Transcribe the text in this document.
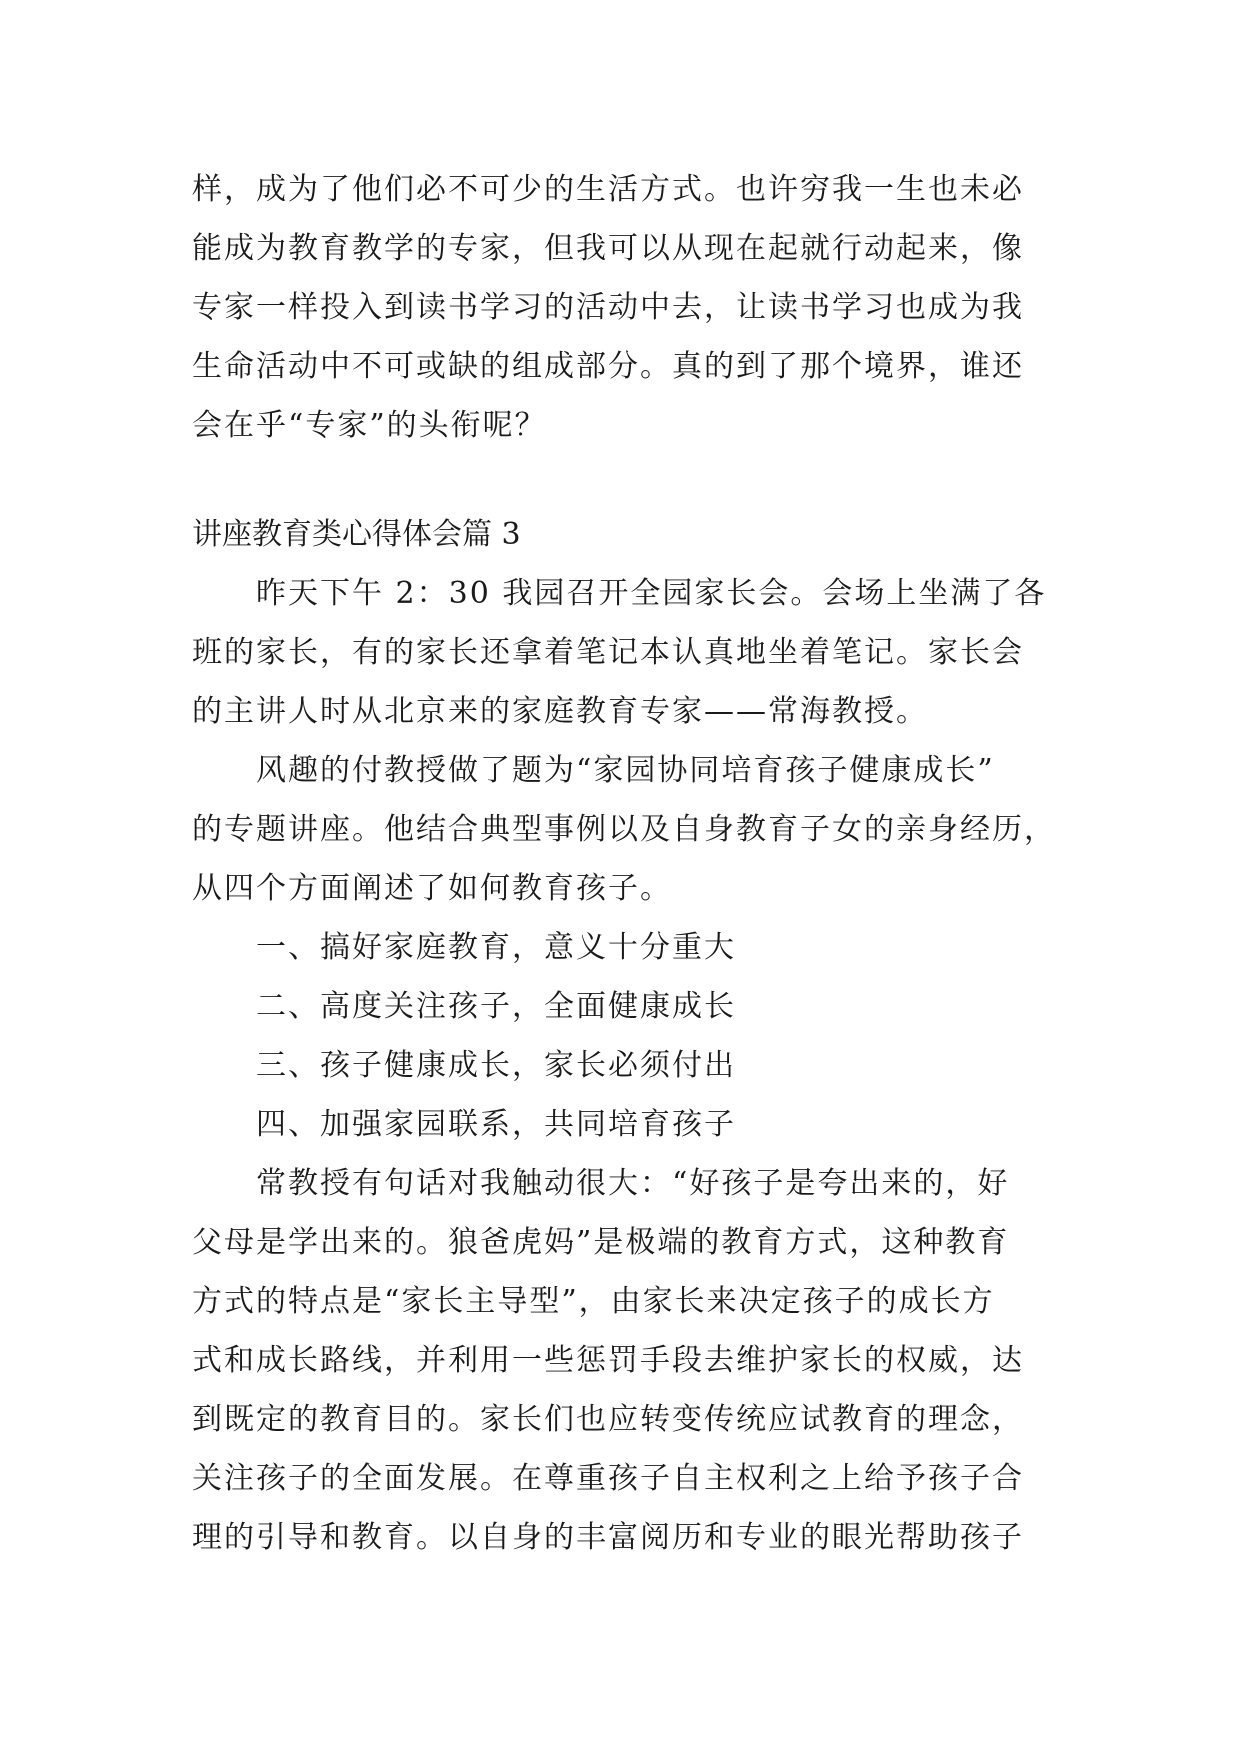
样，成为了他们必不可少的生活方式。也许穷我一生也未必
能成为教育教学的专家，但我可以从现在起就行动起来，像
专家一样投入到读书学习的活动中去，让读书学习也成为我
生命活动中不可或缺的组成部分。真的到了那个境界，谁还
会在乎“专家”的头衔呢？
讲座教育类心得体会篇 3
昨天下午 2：30 我园召开全园家长会。会场上坐满了各
班的家长，有的家长还拿着笔记本认真地坐着笔记。家长会
的主讲人时从北京来的家庭教育专家——常海教授。
风趣的付教授做了题为“家园协同培育孩子健康成长”
的专题讲座。他结合典型事例以及自身教育子女的亲身经历，
从四个方面阐述了如何教育孩子。
一、搞好家庭教育，意义十分重大
二、高度关注孩子，全面健康成长
三、孩子健康成长，家长必须付出
四、加强家园联系，共同培育孩子
常教授有句话对我触动很大：“好孩子是夸出来的，好
父母是学出来的。狼爸虎妈”是极端的教育方式，这种教育
方式的特点是“家长主导型”，由家长来决定孩子的成长方
式和成长路线，并利用一些惩罚手段去维护家长的权威，达
到既定的教育目的。家长们也应转变传统应试教育的理念，
关注孩子的全面发展。在尊重孩子自主权利之上给予孩子合
理的引导和教育。以自身的丰富阅历和专业的眼光帮助孩子
